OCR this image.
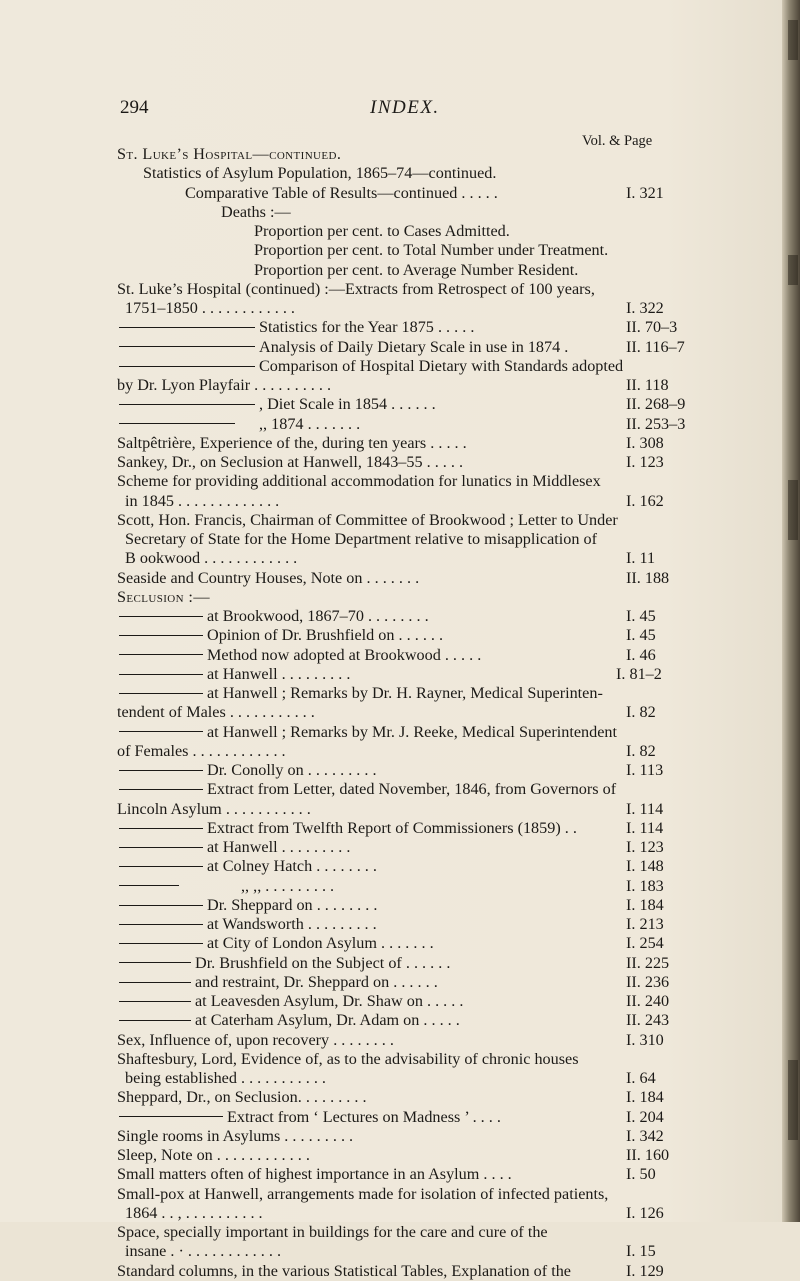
294	INDEX.
Vol. & Page
St. Luke’s Hospital—continued.
Statistics of Asylum Population, 1865–74—continued.
Comparative Table of Results—continued . . . . .	I. 321
Deaths :—
Proportion per cent. to Cases Admitted.
Proportion per cent. to Total Number under Treatment.
Proportion per cent. to Average Number Resident.
St. Luke’s Hospital (continued) :—Extracts from Retrospect of 100 years,
1751–1850 . . . . . . . . . . . .	I. 322
Statistics for the Year 1875 . . . . .	II. 70–3
Analysis of Daily Dietary Scale in use in 1874 .	II. 116–7
Comparison of Hospital Dietary with Standards adopted
by Dr. Lyon Playfair . . . . . . . . . .	II. 118
, Diet Scale in 1854 . . . . . .	II. 268–9
,, 1874 . . . . . . .	II. 253–3
Saltpêtrière, Experience of the, during ten years . . . . .	I. 308
Sankey, Dr., on Seclusion at Hanwell, 1843–55 . . . . .	I. 123
Scheme for providing additional accommodation for lunatics in Middlesex
in 1845 . . . . . . . . . . . . .	I. 162
Scott, Hon. Francis, Chairman of Committee of Brookwood ; Letter to Under
Secretary of State for the Home Department relative to misapplication of
B ookwood . . . . . . . . . . . .	I. 11
Seaside and Country Houses, Note on . . . . . . .	II. 188
Seclusion :—
at Brookwood, 1867–70 . . . . . . . .	I. 45
Opinion of Dr. Brushfield on . . . . . .	I. 45
Method now adopted at Brookwood . . . . .	I. 46
at Hanwell . . . . . . . . .	I. 81–2
at Hanwell ; Remarks by Dr. H. Rayner, Medical Superinten-
tendent of Males . . . . . . . . . . .	I. 82
at Hanwell ; Remarks by Mr. J. Reeke, Medical Superintendent
of Females . . . . . . . . . . . .	I. 82
Dr. Conolly on . . . . . . . . .	I. 113
Extract from Letter, dated November, 1846, from Governors of
Lincoln Asylum . . . . . . . . . . .	I. 114
Extract from Twelfth Report of Commissioners (1859) . .	I. 114
at Hanwell . . . . . . . . .	I. 123
at Colney Hatch . . . . . . . .	I. 148
,, ,, . . . . . . . . .	I. 183
Dr. Sheppard on . . . . . . . .	I. 184
at Wandsworth . . . . . . . . .	I. 213
at City of London Asylum . . . . . . .	I. 254
Dr. Brushfield on the Subject of . . . . . .	II. 225
and restraint, Dr. Sheppard on . . . . . .	II. 236
at Leavesden Asylum, Dr. Shaw on . . . . .	II. 240
at Caterham Asylum, Dr. Adam on . . . . .	II. 243
Sex, Influence of, upon recovery . . . . . . . .	I. 310
Shaftesbury, Lord, Evidence of, as to the advisability of chronic houses
being established . . . . . . . . . . .	I. 64
Sheppard, Dr., on Seclusion. . . . . . . . .	I. 184
Extract from ‘ Lectures on Madness ’ . . . .	I. 204
Single rooms in Asylums . . . . . . . . .	I. 342
Sleep, Note on . . . . . . . . . . . .	II. 160
Small matters often of highest importance in an Asylum . . . .	I. 50
Small-pox at Hanwell, arrangements made for isolation of infected patients,
1864 . . , . . . . . . . . . .	I. 126
Space, specially important in buildings for the care and cure of the
insane . · . . . . . . . . . . . .	I. 15
Standard columns, in the various Statistical Tables, Explanation of the	I. 129
